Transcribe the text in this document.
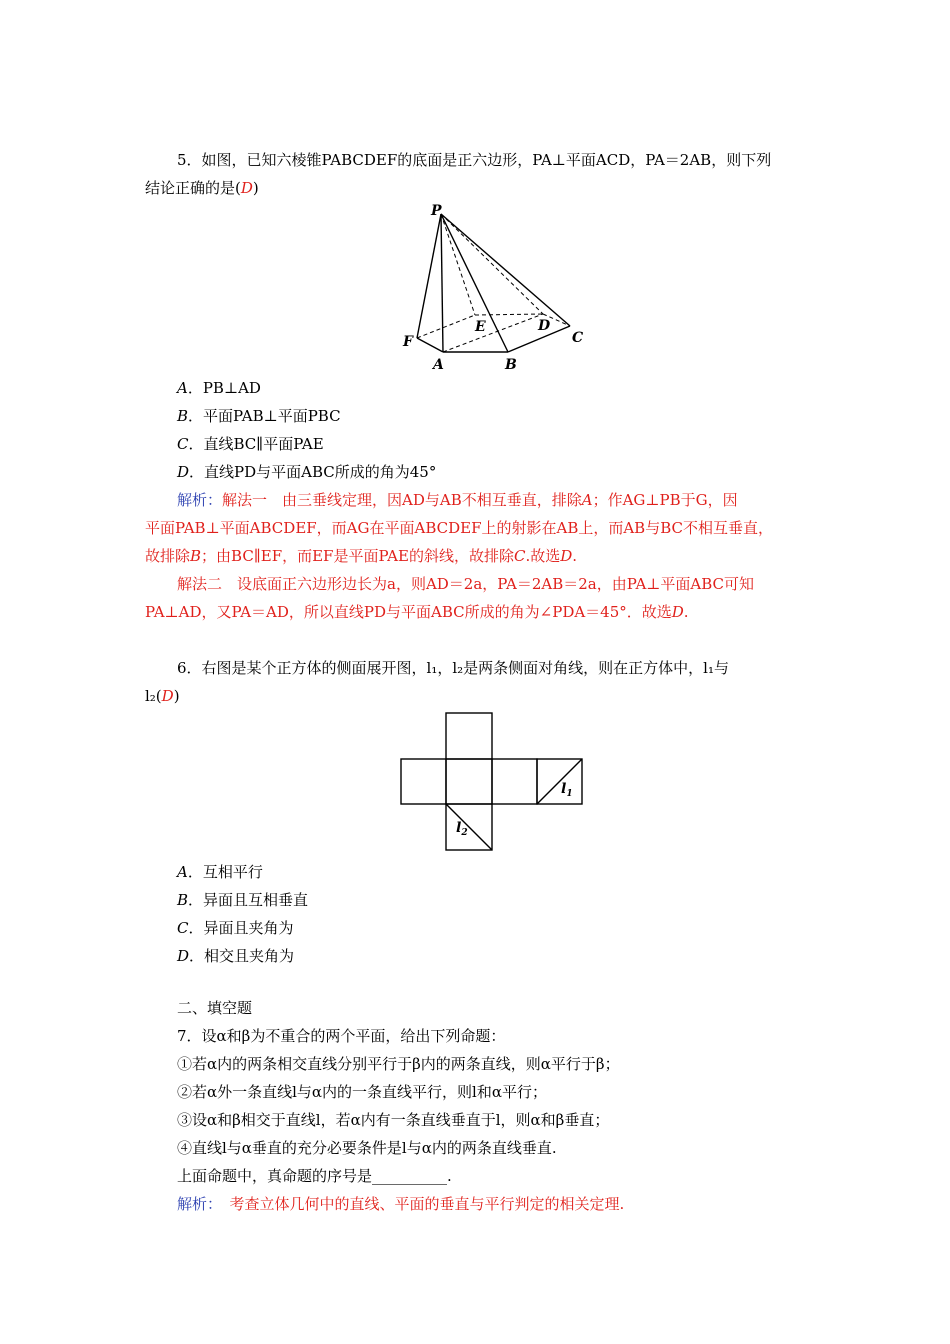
5．如图，已知六棱锥PABCDEF的底面是正六边形，PA⊥平面ACD，PA＝2AB，则下列
结论正确的是(D)
P
E	D
C
F
A	B
A．PB⊥AD
B．平面PAB⊥平面PBC
C．直线BC∥平面PAE
D．直线PD与平面ABC所成的角为45°
解析：解法一　由三垂线定理，因AD与AB不相互垂直，排除A；作AG⊥PB于G，因
平面PAB⊥平面ABCDEF，而AG在平面ABCDEF上的射影在AB上，而AB与BC不相互垂直，
故排除B；由BC∥EF，而EF是平面PAE的斜线，故排除C.故选D.
解法二　设底面正六边形边长为a，则AD＝2a，PA＝2AB＝2a，由PA⊥平面ABC可知
PA⊥AD，又PA＝AD，所以直线PD与平面ABC所成的角为∠PDA＝45°．故选D.
6．右图是某个正方体的侧面展开图，l₁，l₂是两条侧面对角线，则在正方体中，l₁与
l₂(D)
$l_1$
$l_2$
A．互相平行
B．异面且互相垂直
C．异面且夹角为
D．相交且夹角为
二、填空题
7．设α和β为不重合的两个平面，给出下列命题：
①若α内的两条相交直线分别平行于β内的两条直线，则α平行于β；
②若α外一条直线l与α内的一条直线平行，则l和α平行；
③设α和β相交于直线l，若α内有一条直线垂直于l，则α和β垂直；
④直线l与α垂直的充分必要条件是l与α内的两条直线垂直.
上面命题中，真命题的序号是__________.
解析：　考查立体几何中的直线、平面的垂直与平行判定的相关定理.
